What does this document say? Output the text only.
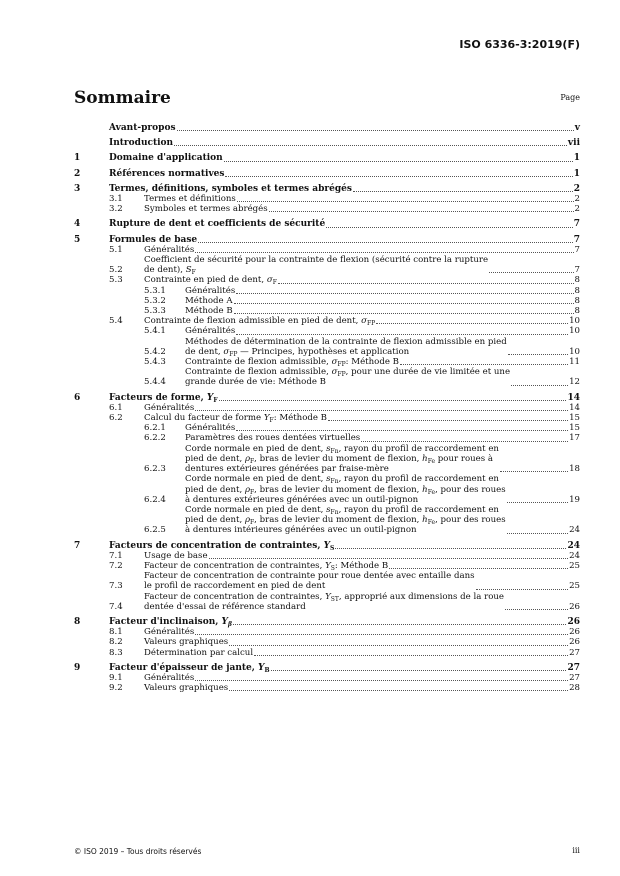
ISO 6336-3:2019(F)
Sommaire	Page
Avant-propos	v
Introduction	vii
1	Domaine d'application	1
2	Références normatives	1
3	Termes, définitions, symboles et termes abrégés	2
3.1	Termes et définitions	2
3.2	Symboles et termes abrégés	2
4	Rupture de dent et coefficients de sécurité	7
5	Formules de base	7
5.1	Généralités	7
5.2
Coefficient de sécurité pour la contrainte de flexion (sécurité contre la rupture
de dent), $S_F$	7
5.3	Contrainte en pied de dent, $\sigma_F$	8
5.3.1	Généralités	8
5.3.2	Méthode A	8
5.3.3	Méthode B	8
5.4	Contrainte de flexion admissible en pied de dent, $\sigma_{FP}$	10
5.4.1	Généralités	10
5.4.2
Méthodes de détermination de la contrainte de flexion admissible en pied
de dent, $\sigma_{FP}$ — Principes, hypothèses et application	10
5.4.3	Contrainte de flexion admissible, $\sigma_{FP}$: Méthode B	11
5.4.4
Contrainte de flexion admissible, $\sigma_{FP}$, pour une durée de vie limitée et une
grande durée de vie: Méthode B	12
6	Facteurs de forme, $Y_F$	14
6.1	Généralités	14
6.2	Calcul du facteur de forme $Y_F$: Méthode B	15
6.2.1	Généralités	15
6.2.2	Paramètres des roues dentées virtuelles	17
6.2.3
Corde normale en pied de dent, $s_{Fn}$, rayon du profil de raccordement en
pied de dent, $\rho_F$, bras de levier du moment de flexion, $h_{Fe}$ pour roues à
dentures extérieures générées par fraise-mère	18
6.2.4
Corde normale en pied de dent, $s_{Fn}$, rayon du profil de raccordement en
pied de dent, $\rho_F$, bras de levier du moment de flexion, $h_{Fe}$, pour des roues
à dentures extérieures générées avec un outil-pignon	19
6.2.5
Corde normale en pied de dent, $s_{Fn}$, rayon du profil de raccordement en
pied de dent, $\rho_F$, bras de levier du moment de flexion, $h_{Fe}$, pour des roues
à dentures intérieures générées avec un outil-pignon	24
7	Facteurs de concentration de contraintes, $Y_S$	24
7.1	Usage de base	24
7.2	Facteur de concentration de contraintes, $Y_S$: Méthode B	25
7.3
Facteur de concentration de contrainte pour roue dentée avec entaille dans
le profil de raccordement en pied de dent	25
7.4
Facteur de concentration de contraintes, $Y_{ST}$, approprié aux dimensions de la roue
dentée d'essai de référence standard	26
8	Facteur d'inclinaison, $Y_\beta$	26
8.1	Généralités	26
8.2	Valeurs graphiques	26
8.3	Détermination par calcul	27
9	Facteur d'épaisseur de jante, $Y_B$	27
9.1	Généralités	27
9.2	Valeurs graphiques	28
© ISO 2019 – Tous droits réservés	iii
